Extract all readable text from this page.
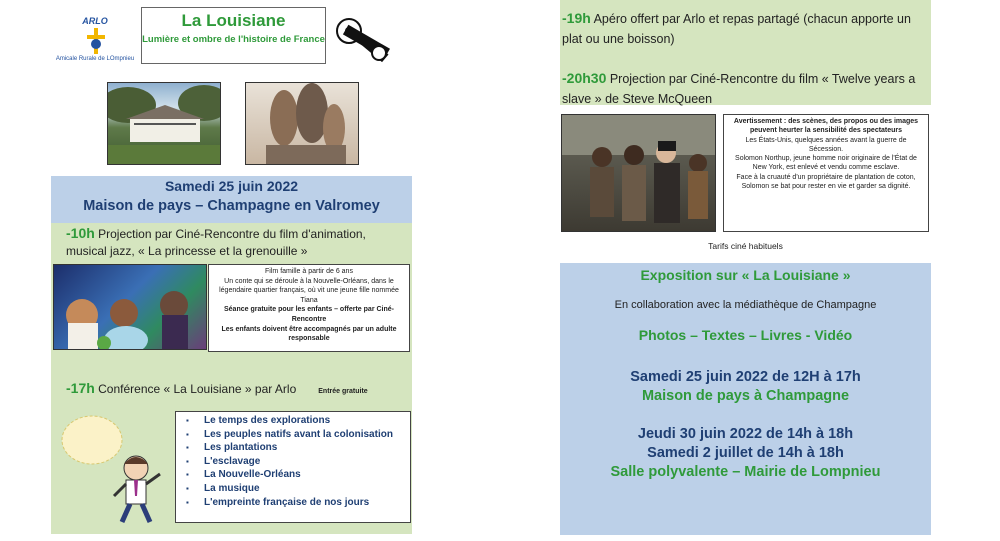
ARLO
Amicale Rurale de LOmpnieu
La Louisiane
Lumière et ombre de l'histoire de France
Samedi 25 juin 2022
Maison de pays – Champagne en Valromey
-10h Projection par Ciné-Rencontre du film d'animation, musical jazz, « La princesse et la grenouille »
Film famille à partir de 6 ans
Un conte qui se déroule à la Nouvelle-Orléans, dans le légendaire quartier français, où vit une jeune fille nommée Tiana
Séance gratuite pour les enfants – offerte par Ciné-Rencontre
Les enfants doivent être accompagnés par un adulte responsable
-17h Conférence « La Louisiane » par Arlo	Entrée gratuite
▪ Le temps des explorations
▪ Les peuples natifs avant la colonisation
▪ Les plantations
▪ L'esclavage
▪ La Nouvelle-Orléans
▪ La musique
▪ L'empreinte française de nos jours
-19h Apéro offert par Arlo et repas partagé (chacun apporte un plat ou une boisson)
-20h30 Projection par Ciné-Rencontre du film « Twelve years a slave » de Steve McQueen
Avertissement : des scènes, des propos ou des images peuvent heurter la sensibilité des spectateurs
Les États-Unis, quelques années avant la guerre de Sécession.
Solomon Northup, jeune homme noir originaire de l'État de New York, est enlevé et vendu comme esclave.
Face à la cruauté d'un propriétaire de plantation de coton, Solomon se bat pour rester en vie et garder sa dignité.
Tarifs ciné habituels
Exposition sur « La Louisiane »
En collaboration avec la médiathèque de Champagne
Photos – Textes – Livres - Vidéo
Samedi 25 juin 2022 de 12H à 17h
Maison de pays à Champagne
Jeudi 30 juin 2022 de 14h à 18h
Samedi 2 juillet de 14h à 18h
Salle polyvalente – Mairie de Lompnieu
